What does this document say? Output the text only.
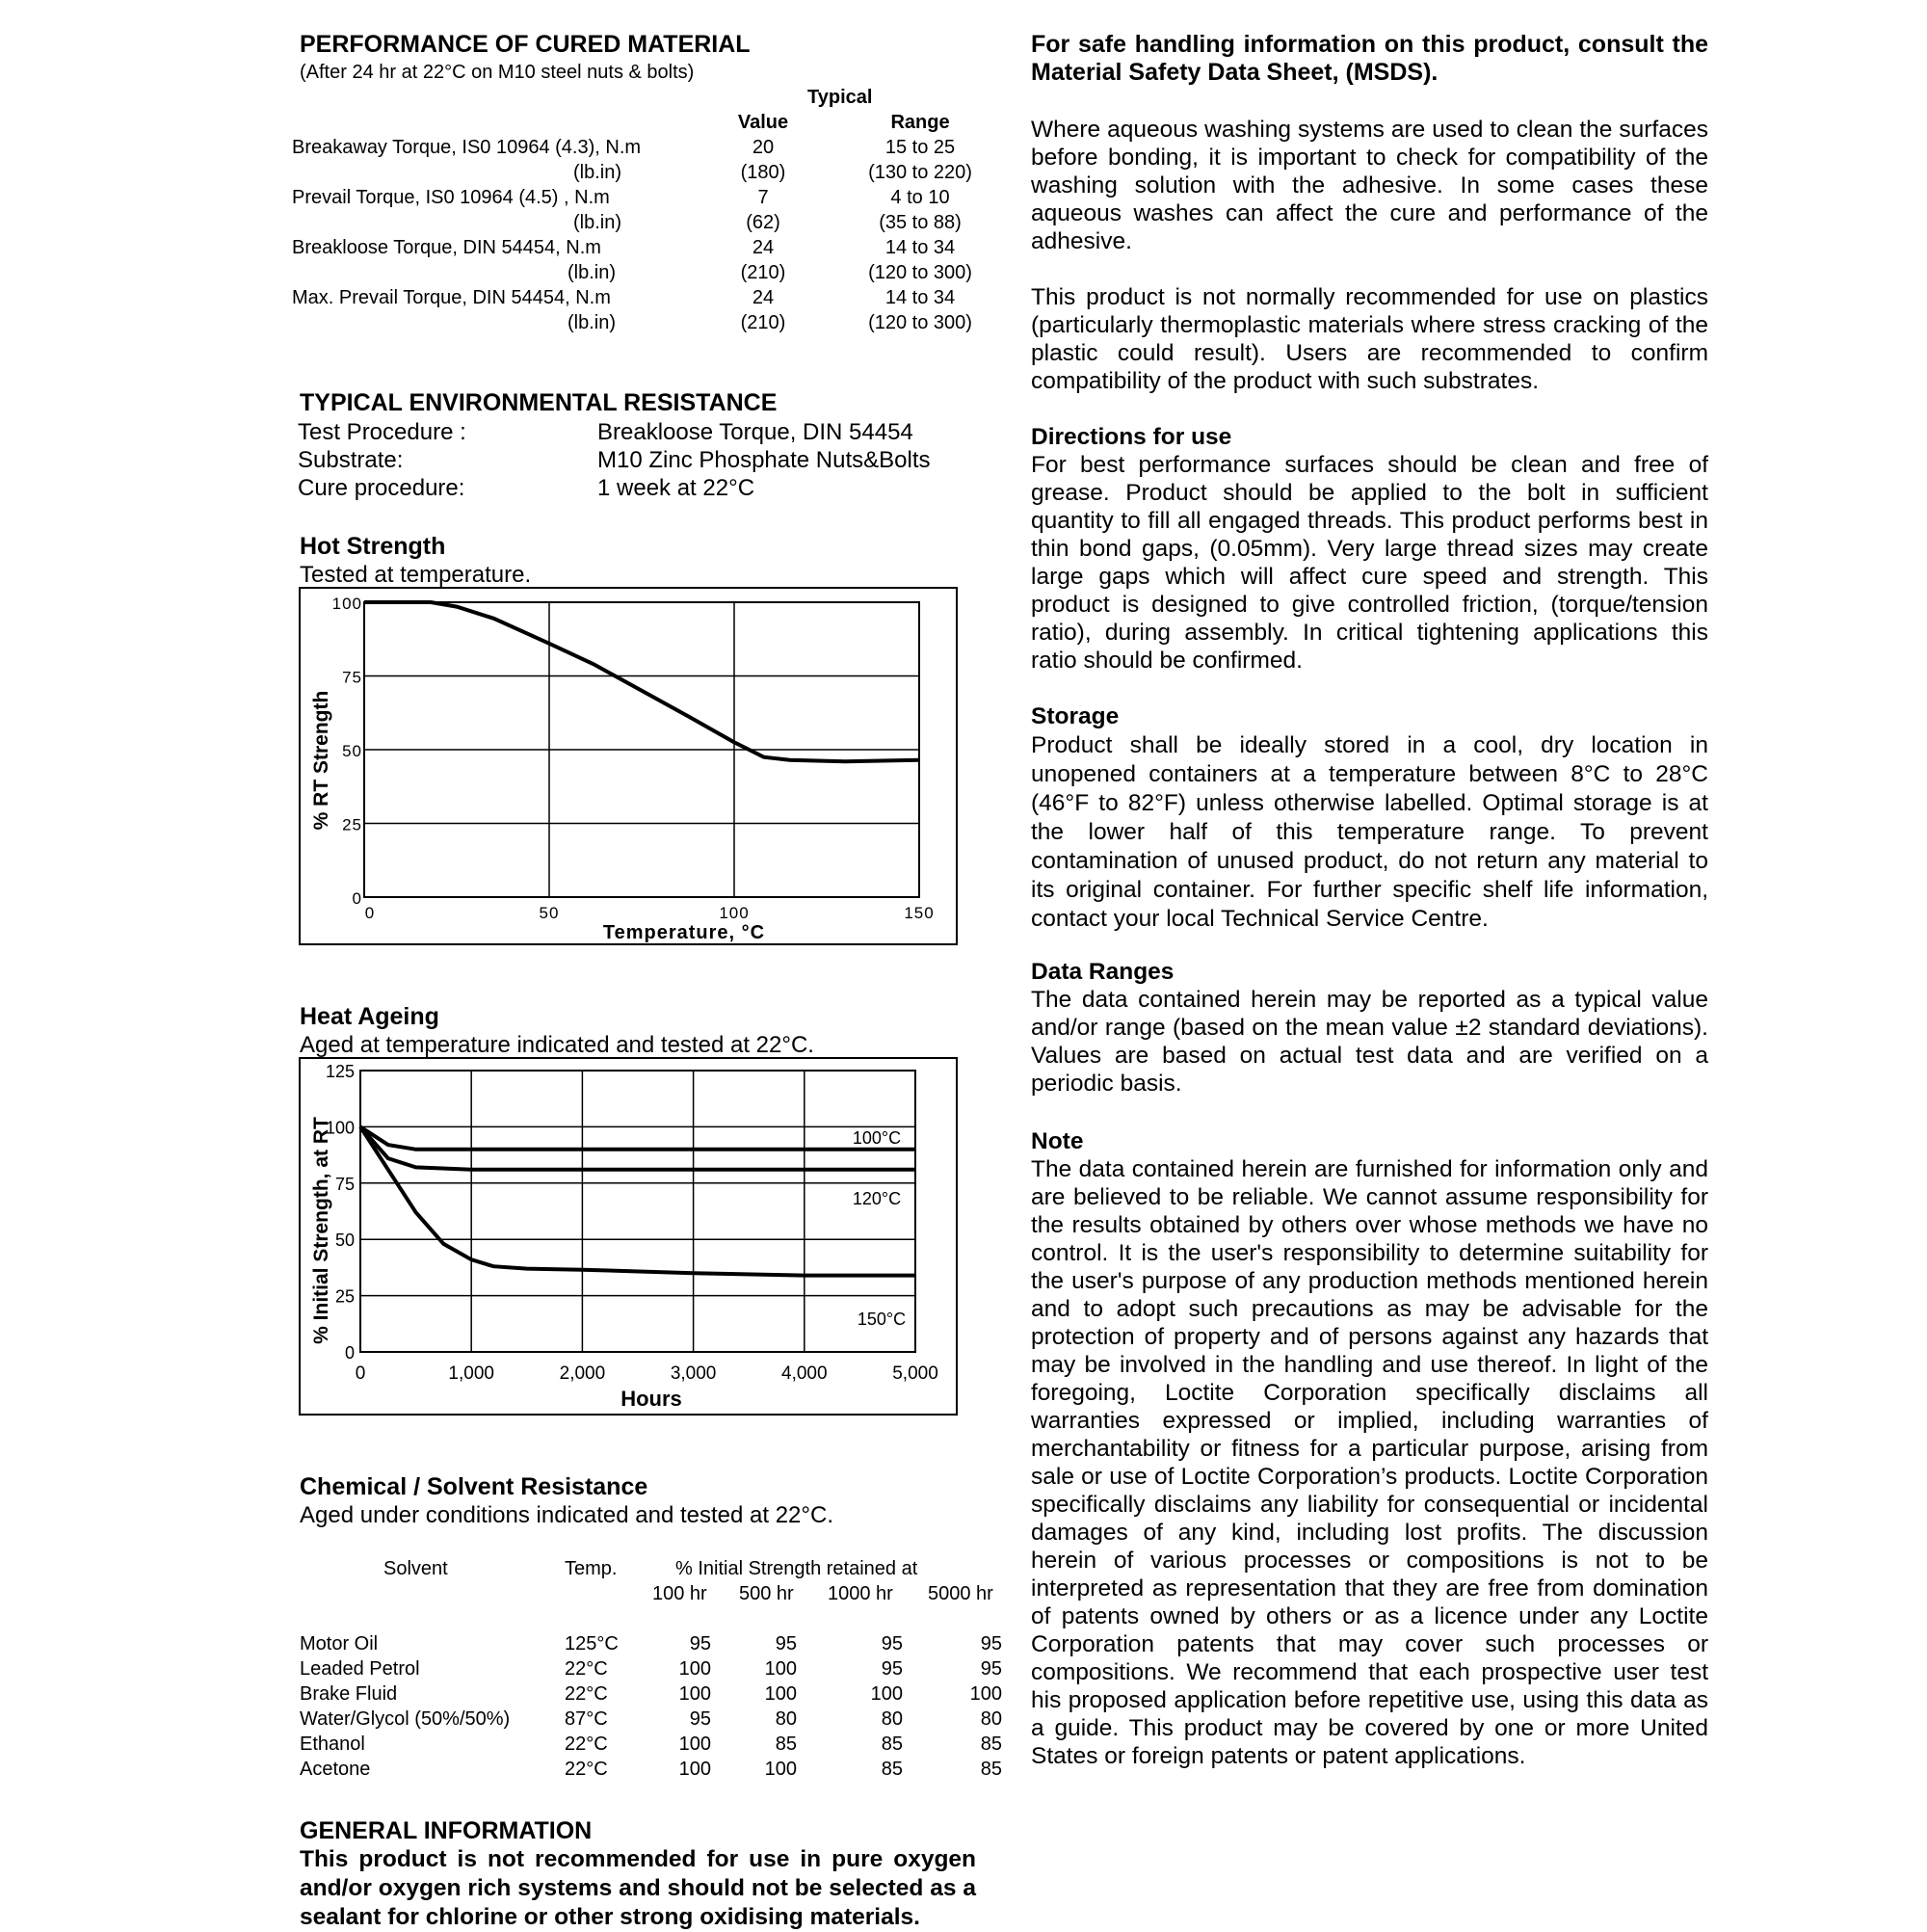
PERFORMANCE OF CURED MATERIAL
(After 24 hr at 22°C on M10 steel nuts & bolts)
Typical
Value	Range
Breakaway Torque, IS0 10964 (4.3), N.m	20	15 to 25
(lb.in)	(180)	(130 to 220)
Prevail Torque, IS0 10964 (4.5) , N.m	7	4 to 10
(lb.in)	(62)	(35 to 88)
Breakloose Torque, DIN 54454, N.m	24	14 to 34
(lb.in)	(210)	(120 to 300)
Max. Prevail Torque, DIN 54454, N.m	24	14 to 34
(lb.in)	(210)	(120 to 300)
TYPICAL ENVIRONMENTAL RESISTANCE
Test Procedure :	Breakloose Torque, DIN 54454
Substrate:	M10 Zinc Phosphate Nuts&Bolts
Cure procedure:	1 week at 22°C
Hot Strength
Tested at temperature.
0	50	100	150
0
25
50
75
100
Temperature, °C
% RT Strength
Heat Ageing
Aged at temperature indicated and tested at 22°C.
0	1,000	2,000	3,000	4,000	5,000
0
25
50
75
100
125
100°C
120°C
150°C
Hours
% Initial Strength, at RT
Chemical / Solvent Resistance
Aged under conditions indicated and tested at 22°C.
Solvent	Temp.	% Initial Strength retained at
100 hr 500 hr 1000 hr 5000 hr
Motor Oil	125°C	95	95	95	95
Leaded Petrol	22°C	100	100	95	95
Brake Fluid	22°C	100	100	100	100
Water/Glycol (50%/50%)	87°C	95	80	80	80
Ethanol	22°C	100	85	85	85
Acetone	22°C	100	100	85	85
GENERAL INFORMATION
This product is not recommended for use in pure oxygen and/or oxygen rich systems and should not be selected as a sealant for chlorine or other strong oxidising materials.
For safe handling information on this product, consult the Material Safety Data Sheet, (MSDS).
Where aqueous washing systems are used to clean the surfaces before bonding, it is important to check for compatibility of the washing solution with the adhesive. In some cases these aqueous washes can affect the cure and performance of the adhesive.
This product is not normally recommended for use on plastics (particularly thermoplastic materials where stress cracking of the plastic could result). Users are recommended to confirm compatibility of the product with such substrates.
Directions for use
For best performance surfaces should be clean and free of grease. Product should be applied to the bolt in sufficient quantity to fill all engaged threads. This product performs best in thin bond gaps, (0.05mm). Very large thread sizes may create large gaps which will affect cure speed and strength. This product is designed to give controlled friction, (torque/tension ratio), during assembly. In critical tightening applications this ratio should be confirmed.
Storage
Product shall be ideally stored in a cool, dry location in unopened containers at a temperature between 8°C to 28°C (46°F to 82°F) unless otherwise labelled. Optimal storage is at the lower half of this temperature range. To prevent contamination of unused product, do not return any material to its original container. For further specific shelf life information, contact your local Technical Service Centre.
Data Ranges
The data contained herein may be reported as a typical value and/or range (based on the mean value ±2 standard deviations). Values are based on actual test data and are verified on a periodic basis.
Note
The data contained herein are furnished for information only and are believed to be reliable. We cannot assume responsibility for the results obtained by others over whose methods we have no control. It is the user's responsibility to determine suitability for the user's purpose of any production methods mentioned herein and to adopt such precautions as may be advisable for the protection of property and of persons against any hazards that may be involved in the handling and use thereof. In light of the foregoing, Loctite Corporation specifically disclaims all warranties expressed or implied, including warranties of merchantability or fitness for a particular purpose, arising from sale or use of Loctite Corporation’s products. Loctite Corporation specifically disclaims any liability for consequential or incidental damages of any kind, including lost profits. The discussion herein of various processes or compositions is not to be interpreted as representation that they are free from domination of patents owned by others or as a licence under any Loctite Corporation patents that may cover such processes or compositions. We recommend that each prospective user test his proposed application before repetitive use, using this data as a guide. This product may be covered by one or more United States or foreign patents or patent applications.
